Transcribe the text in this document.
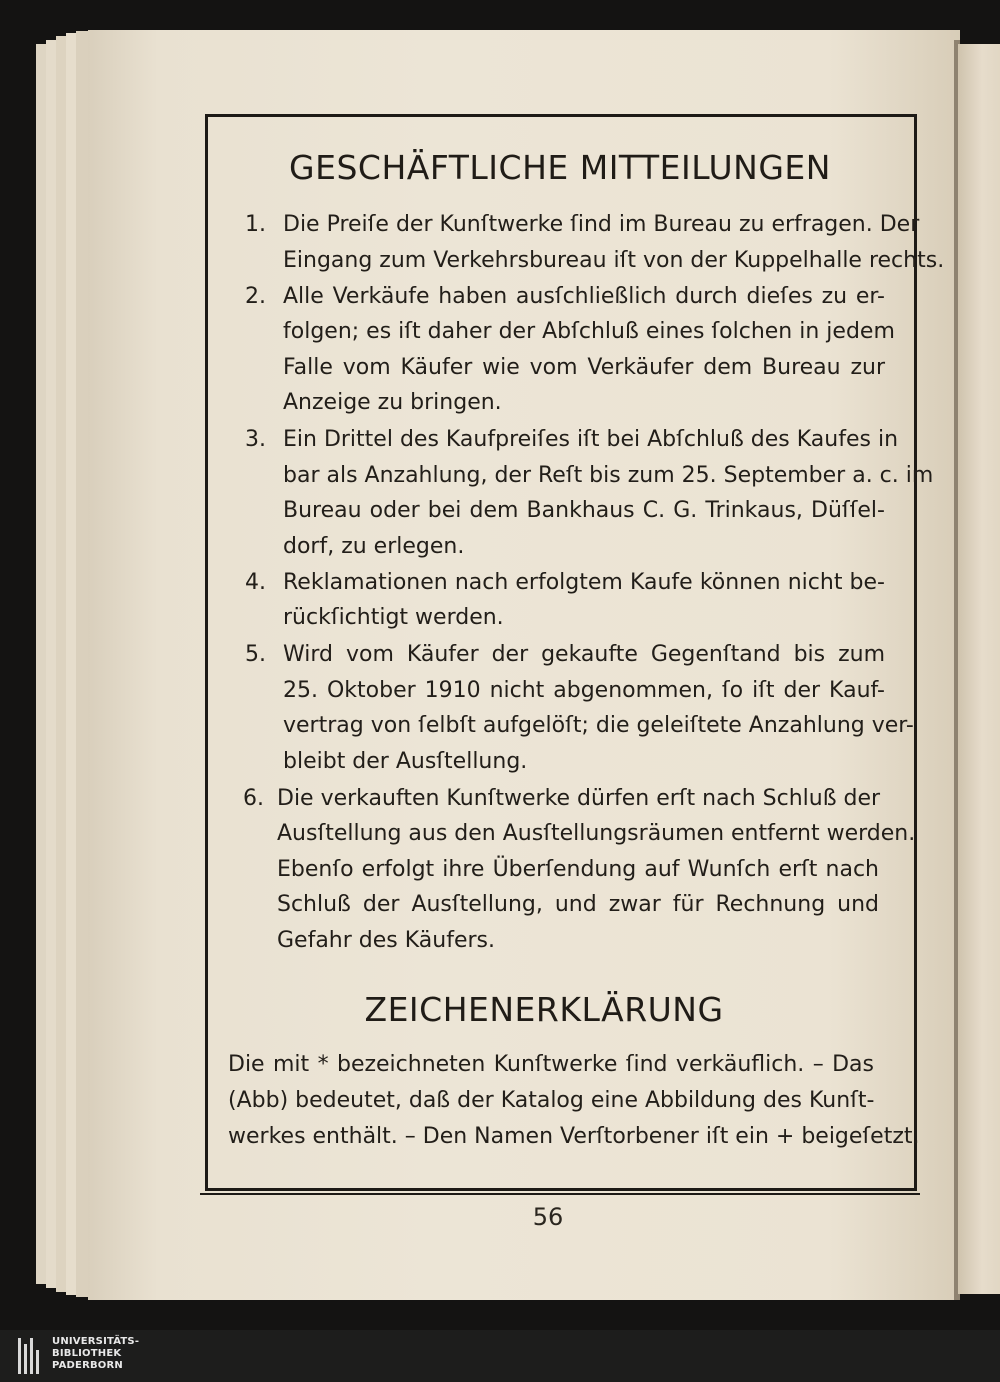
GESCHÄFTLICHE MITTEILUNGEN
1. Die Preiſe der Kunſtwerke ſind im Bureau zu erfragen. Der
Eingang zum Verkehrsbureau iſt von der Kuppelhalle rechts.
2. Alle Verkäufe haben ausſchließlich durch dieſes zu er-
folgen; es iſt daher der Abſchluß eines ſolchen in jedem
Falle vom Käufer wie vom Verkäufer dem Bureau zur
Anzeige zu bringen.
3. Ein Drittel des Kaufpreiſes iſt bei Abſchluß des Kaufes in
bar als Anzahlung, der Reſt bis zum 25. September a. c. im
Bureau oder bei dem Bankhaus C. G. Trinkaus, Düſſel-
dorf, zu erlegen.
4. Reklamationen nach erfolgtem Kaufe können nicht be-
rückſichtigt werden.
5. Wird vom Käufer der gekaufte Gegenſtand bis zum
25. Oktober 1910 nicht abgenommen, ſo iſt der Kauf-
vertrag von ſelbſt aufgelöſt; die geleiſtete Anzahlung ver-
bleibt der Ausſtellung.
6. Die verkauften Kunſtwerke dürfen erſt nach Schluß der
Ausſtellung aus den Ausſtellungsräumen entfernt werden.
Ebenſo erfolgt ihre Überſendung auf Wunſch erſt nach
Schluß der Ausſtellung, und zwar für Rechnung und
Gefahr des Käufers.
ZEICHENERKLÄRUNG
Die mit * bezeichneten Kunſtwerke ſind verkäuflich. – Das
(Abb) bedeutet, daß der Katalog eine Abbildung des Kunſt-
werkes enthält. – Den Namen Verſtorbener iſt ein + beigeſetzt.
56
UNIVERSITÄTS-
BIBLIOTHEK
PADERBORN
